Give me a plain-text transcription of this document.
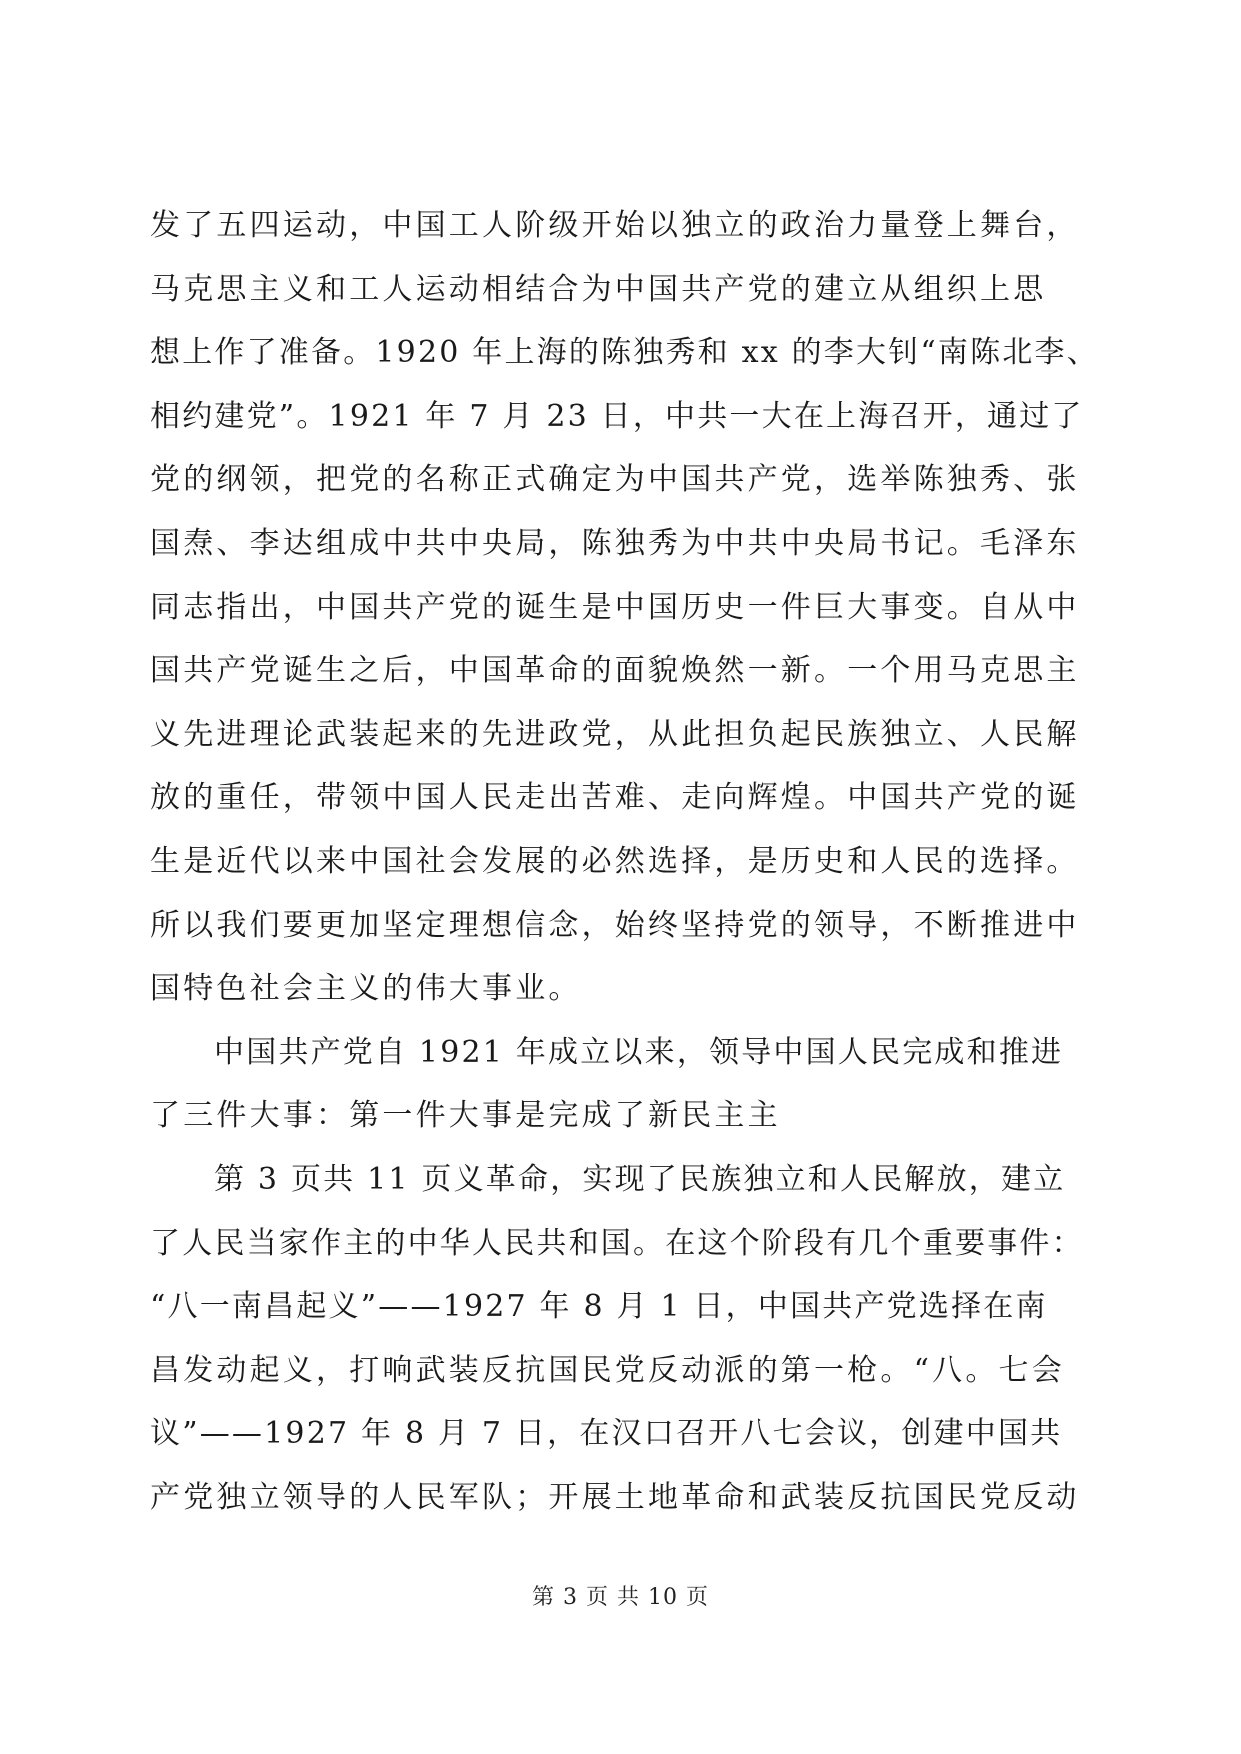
发了五四运动，中国工人阶级开始以独立的政治力量登上舞台，
马克思主义和工人运动相结合为中国共产党的建立从组织上思
想上作了准备。1920 年上海的陈独秀和 xx 的李大钊“南陈北李、
相约建党”。1921 年 7 月 23 日，中共一大在上海召开，通过了
党的纲领，把党的名称正式确定为中国共产党，选举陈独秀、张
国焘、李达组成中共中央局，陈独秀为中共中央局书记。毛泽东
同志指出，中国共产党的诞生是中国历史一件巨大事变。自从中
国共产党诞生之后，中国革命的面貌焕然一新。一个用马克思主
义先进理论武装起来的先进政党，从此担负起民族独立、人民解
放的重任，带领中国人民走出苦难、走向辉煌。中国共产党的诞
生是近代以来中国社会发展的必然选择，是历史和人民的选择。
所以我们要更加坚定理想信念，始终坚持党的领导，不断推进中
国特色社会主义的伟大事业。
中国共产党自 1921 年成立以来，领导中国人民完成和推进
了三件大事：第一件大事是完成了新民主主
第 3 页共 11 页义革命，实现了民族独立和人民解放，建立
了人民当家作主的中华人民共和国。在这个阶段有几个重要事件：
“八一南昌起义”——1927 年 8 月 1 日，中国共产党选择在南
昌发动起义，打响武装反抗国民党反动派的第一枪。“八。七会
议”——1927 年 8 月 7 日，在汉口召开八七会议，创建中国共
产党独立领导的人民军队；开展土地革命和武装反抗国民党反动
第 3 页 共 10 页
